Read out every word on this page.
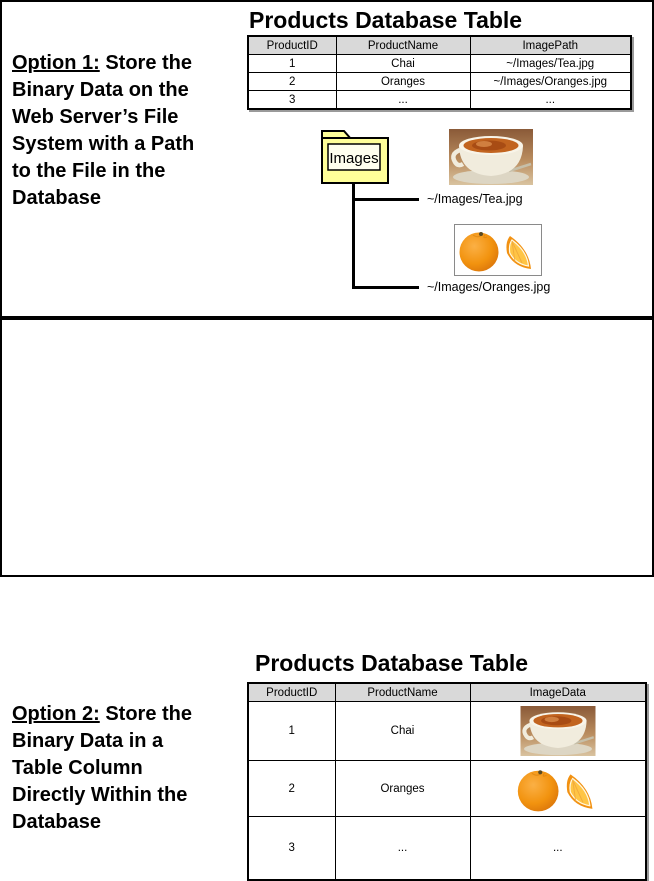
Option 1: Store the
Binary Data on the
Web Server’s File
System with a Path
to the File in the
Database
Products Database Table
ProductID	ProductName	ImagePath
1	Chai	~/Images/Tea.jpg
2	Oranges	~/Images/Oranges.jpg
3	...	...
Images
~/Images/Tea.jpg
~/Images/Oranges.jpg
Option 2: Store the
Binary Data in a
Table Column
Directly Within the
Database
Products Database Table
ProductID	ProductName	ImageData
1	Chai	
2	Oranges	
3	...	...
